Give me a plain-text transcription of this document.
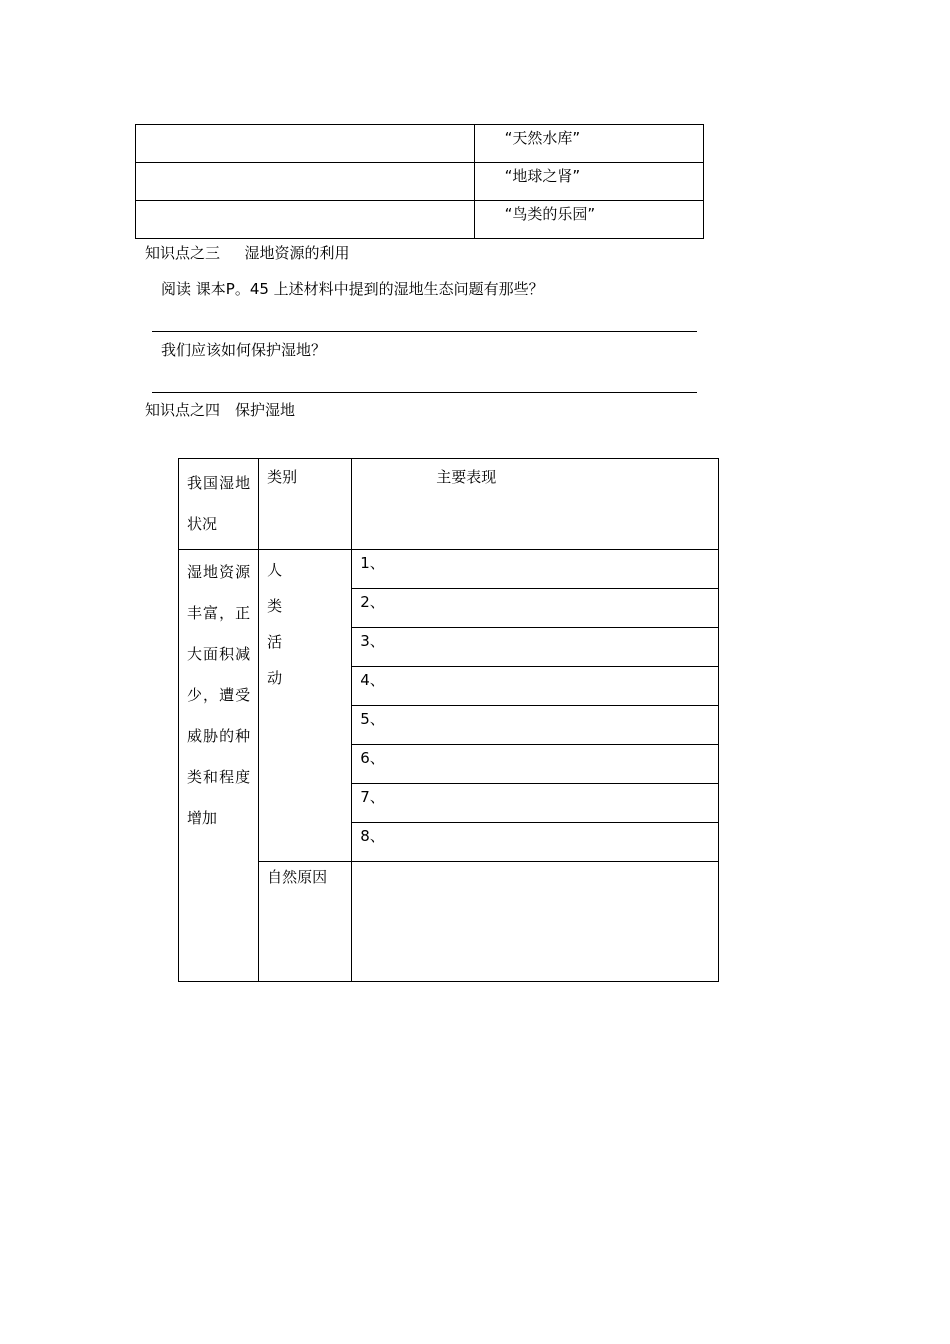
	“天然水库”
	“地球之肾”
	“鸟类的乐园”
知识点之三　  湿地资源的利用
阅读 课本P。45 上述材料中提到的湿地生态问题有那些？
我们应该如何保护湿地？
知识点之四　保护湿地
我国湿地状况	类别	主要表现
湿地资源丰富，正大面积减少，遭受威胁的种类和程度增加	人
类
活
动	1、
		2、
		3、
		4、
		5、
		6、
		7、
		8、
	自然原因	
